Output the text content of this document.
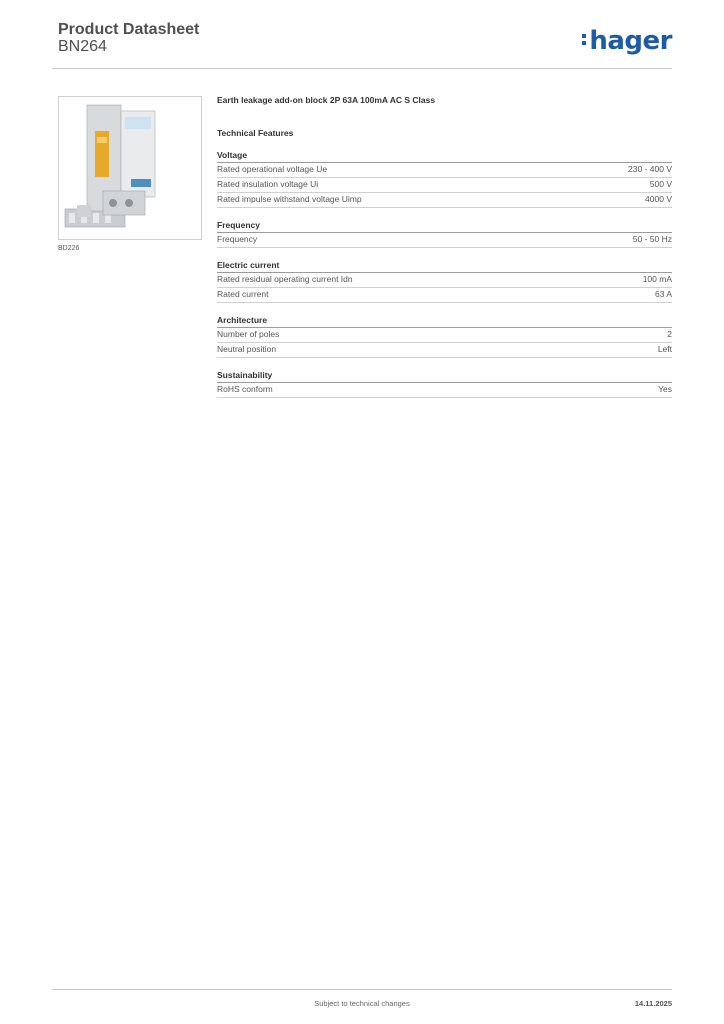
Product Datasheet
BN264	hager
BD226
Earth leakage add-on block 2P 63A 100mA AC S Class
Technical Features
Voltage
Rated operational voltage Ue	230 - 400 V
Rated insulation voltage Ui	500 V
Rated impulse withstand voltage Uimp	4000 V
Frequency
Frequency	50 - 50 Hz
Electric current
Rated residual operating current Idn	100 mA
Rated current	63 A
Architecture
Number of poles	2
Neutral position	Left
Sustainability
RoHS conform	Yes
Subject to technical changes	14.11.2025
